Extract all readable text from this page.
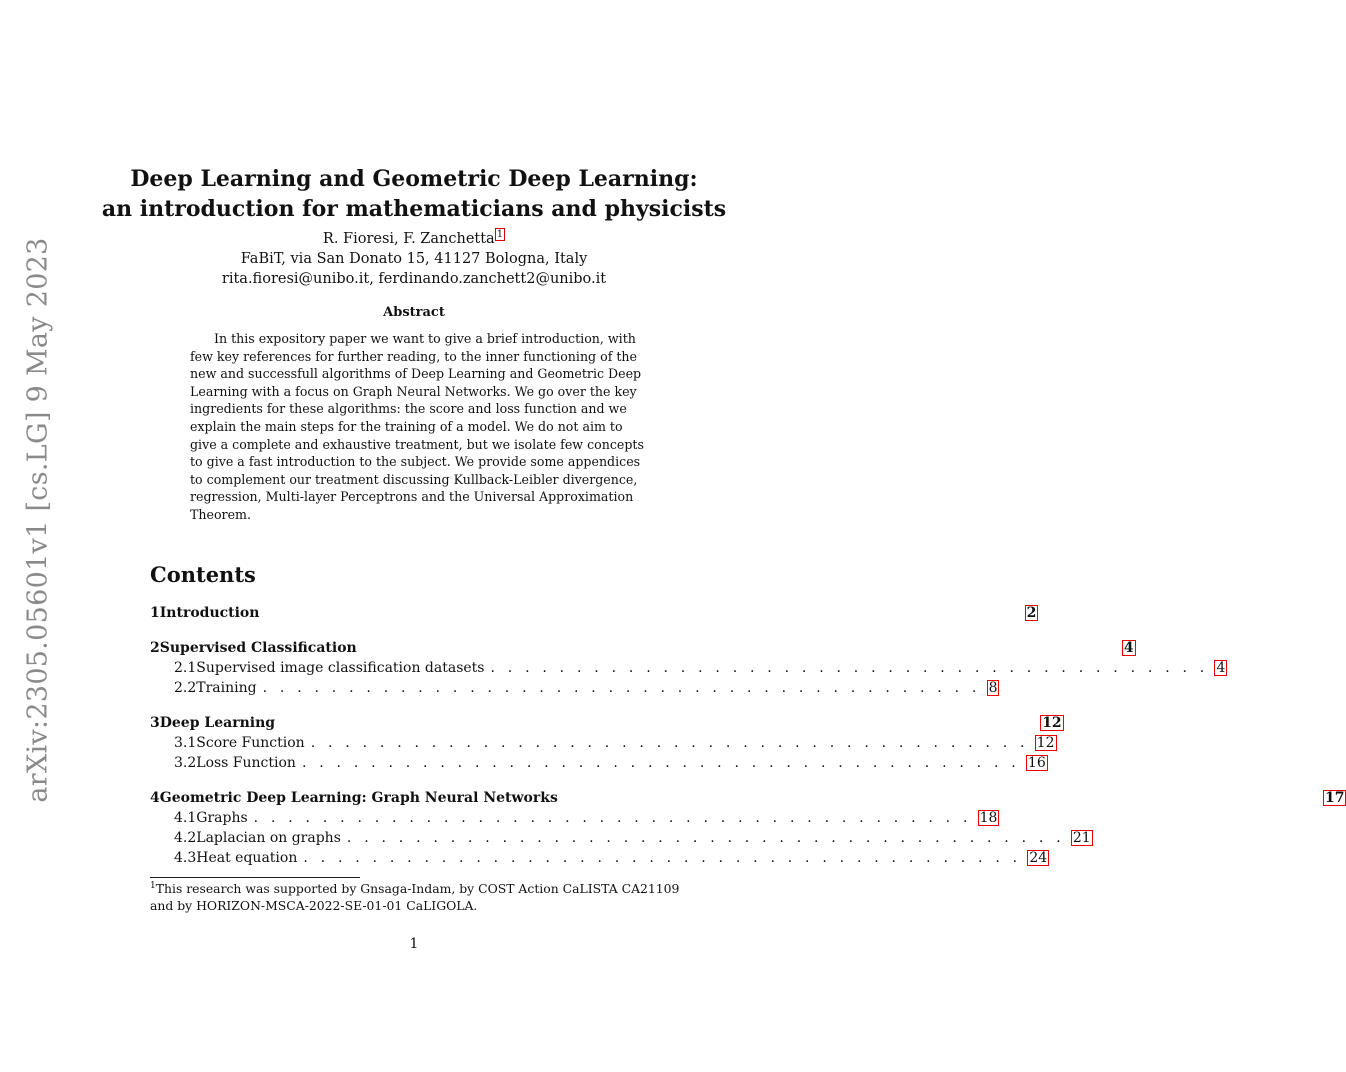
arXiv:2305.05601v1 [cs.LG] 9 May 2023
Deep Learning and Geometric Deep Learning:
an introduction for mathematicians and physicists
R. Fioresi, F. Zanchetta $^1$
FaBiT, via San Donato 15, 41127 Bologna, Italy
rita.fioresi@unibo.it, ferdinando.zanchett2@unibo.it
Abstract
In this expository paper we want to give a brief introduction, with
few key references for further reading, to the inner functioning of the
new and successfull algorithms of Deep Learning and Geometric Deep
Learning with a focus on Graph Neural Networks. We go over the key
ingredients for these algorithms: the score and loss function and we
explain the main steps for the training of a model. We do not aim to
give a complete and exhaustive treatment, but we isolate few concepts
to give a fast introduction to the subject. We provide some appendices
to complement our treatment discussing Kullback-Leibler divergence,
regression, Multi-layer Perceptrons and the Universal Approximation
Theorem.
Contents
1 Introduction	2
2 Supervised Classification	4
2.1 Supervised image classification datasets . . . . . . . . . . . . . . . . . . . . . . . . . . . . . . . . . . . . . . . . . . 4
2.2 Training . . . . . . . . . . . . . . . . . . . . . . . . . . . . . . . . . . . . . . . . . . 8
3 Deep Learning	12
3.1 Score Function . . . . . . . . . . . . . . . . . . . . . . . . . . . . . . . . . . . . . . . . . . 12
3.2 Loss Function . . . . . . . . . . . . . . . . . . . . . . . . . . . . . . . . . . . . . . . . . . 16
4 Geometric Deep Learning: Graph Neural Networks	17
4.1 Graphs . . . . . . . . . . . . . . . . . . . . . . . . . . . . . . . . . . . . . . . . . . 18
4.2 Laplacian on graphs . . . . . . . . . . . . . . . . . . . . . . . . . . . . . . . . . . . . . . . . . . 21
4.3 Heat equation . . . . . . . . . . . . . . . . . . . . . . . . . . . . . . . . . . . . . . . . . . 24
$^1$This research was supported by Gnsaga-Indam, by COST Action CaLISTA CA21109
and by HORIZON-MSCA-2022-SE-01-01 CaLIGOLA.
1
